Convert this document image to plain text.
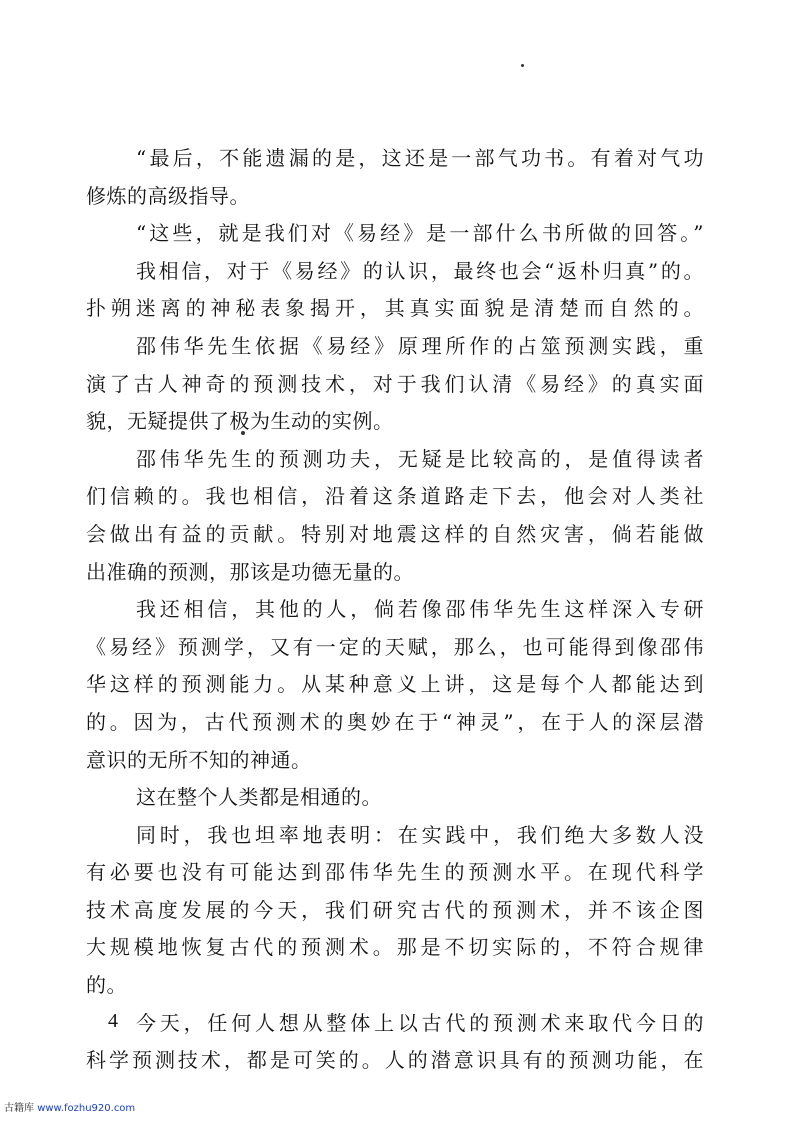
“最后，不能遗漏的是，这还是一部气功书。有着对气功
修炼的高级指导。
“这些，就是我们对《易经》是一部什么书所做的回答。”
我相信，对于《易经》的认识，最终也会“返朴归真”的。
扑朔迷离的神秘表象揭开，其真实面貌是清楚而自然的。
邵伟华先生依据《易经》原理所作的占筮预测实践，重
演了古人神奇的预测技术，对于我们认清《易经》的真实面
貌，无疑提供了极为生动的实例。
邵伟华先生的预测功夫，无疑是比较高的，是值得读者
们信赖的。我也相信，沿着这条道路走下去，他会对人类社
会做出有益的贡献。特别对地震这样的自然灾害，倘若能做
出准确的预测，那该是功德无量的。
我还相信，其他的人，倘若像邵伟华先生这样深入专研
《易经》预测学，又有一定的天赋，那么，也可能得到像邵伟
华这样的预测能力。从某种意义上讲，这是每个人都能达到
的。因为，古代预测术的奥妙在于“神灵”，在于人的深层潜
意识的无所不知的神通。
这在整个人类都是相通的。
同时，我也坦率地表明：在实践中，我们绝大多数人没
有必要也没有可能达到邵伟华先生的预测水平。在现代科学
技术高度发展的今天，我们研究古代的预测术，并不该企图
大规模地恢复古代的预测术。那是不切实际的，不符合规律
的。
今天，任何人想从整体上以古代的预测术来取代今日的
科学预测技术，都是可笑的。人的潜意识具有的预测功能，在
4
古籍库 www.fozhu920.com
